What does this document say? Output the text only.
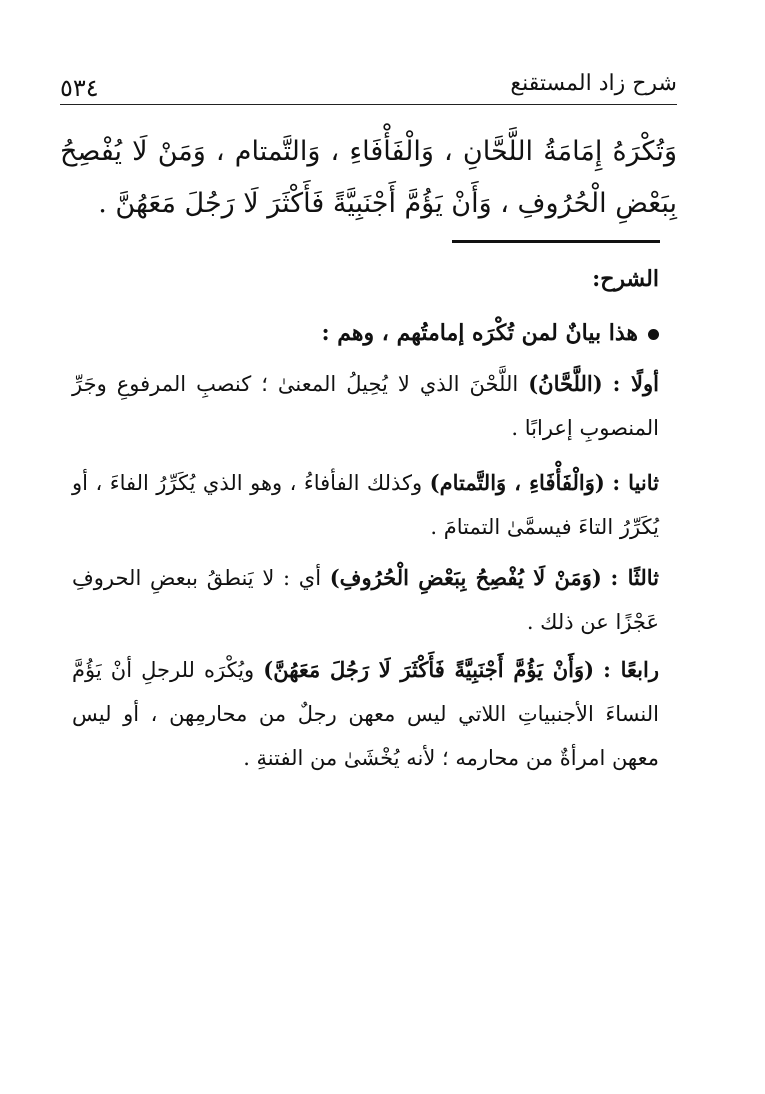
٥٣٤	شرح زاد المستقنع
وَتُكْرَهُ إِمَامَةُ اللَّحَّانِ ، وَالْفَأْفَاءِ ، وَالتَّمتام ، وَمَنْ لَا يُفْصِحُ بِبَعْضِ الْحُرُوفِ ، وَأَنْ يَؤُمَّ أَجْنَبِيَّةً فَأَكْثَرَ لَا رَجُلَ مَعَهُنَّ .
الشرح:
هذا بيانٌ لمن تُكْرَه إمامتُهم ، وهم :
أولًا : (اللَّحَّانُ) اللَّحْنَ الذي لا يُحِيلُ المعنىٰ ؛ كنصبِ المرفوعِ وجَرِّ المنصوبِ إعرابًا .
ثانيا : (وَالْفَأْفَاءِ ، وَالتَّمتام) وكذلك الفأفاءُ ، وهو الذي يُكَرِّرُ الفاءَ ، أو يُكَرِّرُ التاءَ فيسمَّىٰ التمتامَ .
ثالثًا : (وَمَنْ لَا يُفْصِحُ بِبَعْضِ الْحُرُوفِ) أي : لا يَنطقُ ببعضِ الحروفِ عَجْزًا عن ذلك .
رابعًا : (وَأَنْ يَؤُمَّ أَجْنَبِيَّةً فَأَكْثَرَ لَا رَجُلَ مَعَهُنَّ) ويُكْرَه للرجلِ أنْ يَؤُمَّ النساءَ الأجنبياتِ اللاتي ليس معهن رجلٌ من محارمِهن ، أو ليس معهن امرأةٌ من محارمه ؛ لأنه يُخْشَىٰ من الفتنةِ .
